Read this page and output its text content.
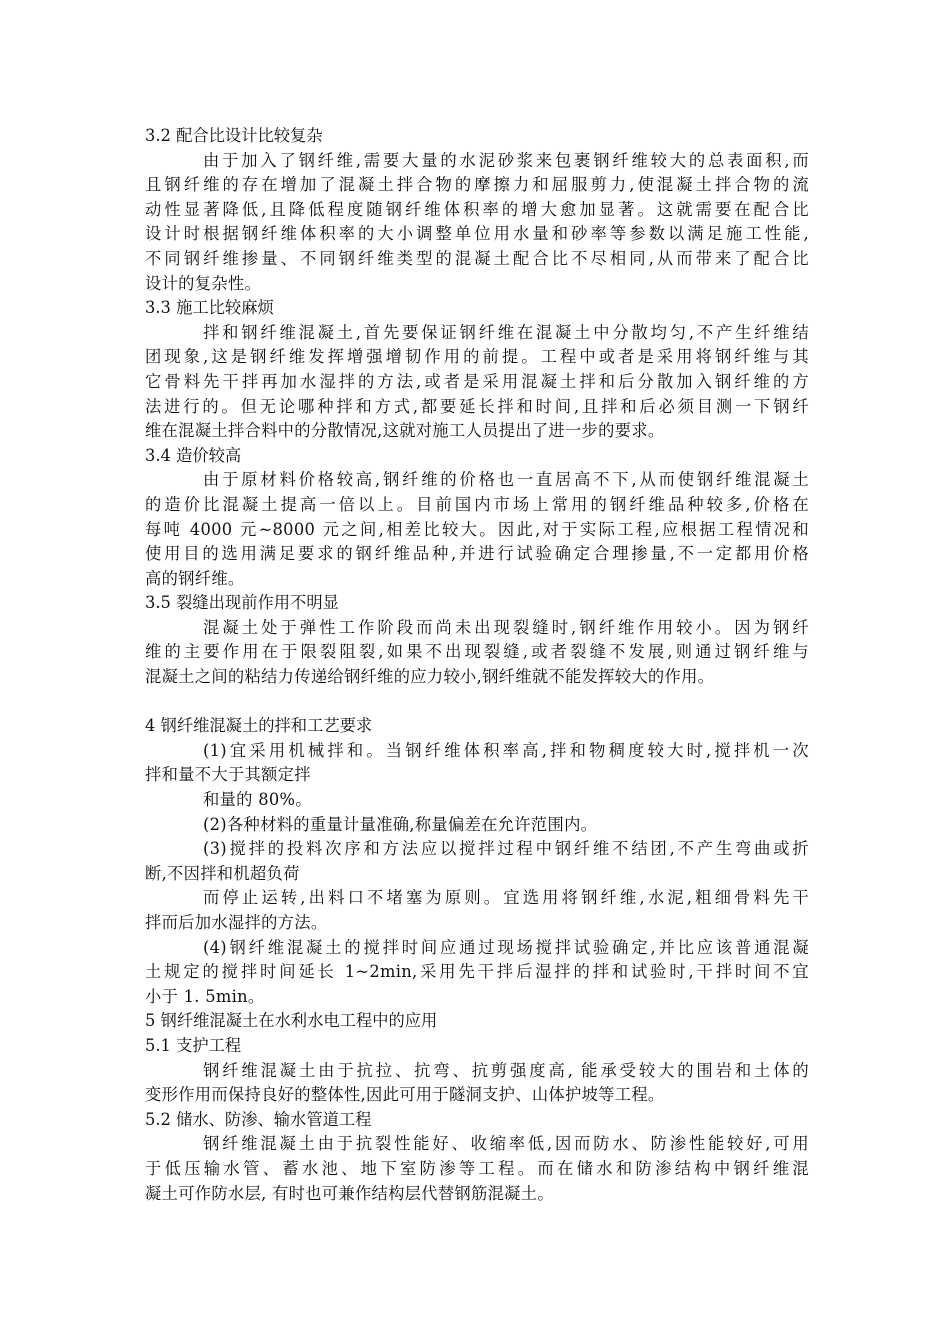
3.2 配合比设计比较复杂
由于加入了钢纤维,需要大量的水泥砂浆来包裹钢纤维较大的总表面积,而
且钢纤维的存在增加了混凝土拌合物的摩擦力和屈服剪力,使混凝土拌合物的流
动性显著降低,且降低程度随钢纤维体积率的增大愈加显著。这就需要在配合比
设计时根据钢纤维体积率的大小调整单位用水量和砂率等参数以满足施工性能,
不同钢纤维掺量、不同钢纤维类型的混凝土配合比不尽相同,从而带来了配合比
设计的复杂性。
3.3 施工比较麻烦
拌和钢纤维混凝土,首先要保证钢纤维在混凝土中分散均匀,不产生纤维结
团现象,这是钢纤维发挥增强增韧作用的前提。工程中或者是采用将钢纤维与其
它骨料先干拌再加水湿拌的方法,或者是采用混凝土拌和后分散加入钢纤维的方
法进行的。但无论哪种拌和方式,都要延长拌和时间,且拌和后必须目测一下钢纤
维在混凝土拌合料中的分散情况,这就对施工人员提出了进一步的要求。
3.4 造价较高
由于原材料价格较高,钢纤维的价格也一直居高不下,从而使钢纤维混凝土
的造价比混凝土提高一倍以上。目前国内市场上常用的钢纤维品种较多,价格在
每吨 4000 元~8000 元之间,相差比较大。因此,对于实际工程,应根据工程情况和
使用目的选用满足要求的钢纤维品种,并进行试验确定合理掺量,不一定都用价格
高的钢纤维。
3.5 裂缝出现前作用不明显
混凝土处于弹性工作阶段而尚未出现裂缝时,钢纤维作用较小。因为钢纤
维的主要作用在于限裂阻裂,如果不出现裂缝,或者裂缝不发展,则通过钢纤维与
混凝土之间的粘结力传递给钢纤维的应力较小,钢纤维就不能发挥较大的作用。
4 钢纤维混凝土的拌和工艺要求
(1)宜采用机械拌和。当钢纤维体积率高,拌和物稠度较大时,搅拌机一次
拌和量不大于其额定拌
和量的 80%。
(2)各种材料的重量计量准确,称量偏差在允许范围内。
(3)搅拌的投料次序和方法应以搅拌过程中钢纤维不结团,不产生弯曲或折
断,不因拌和机超负荷
而停止运转,出料口不堵塞为原则。宜选用将钢纤维,水泥,粗细骨料先干
拌而后加水湿拌的方法。
(4)钢纤维混凝土的搅拌时间应通过现场搅拌试验确定,并比应该普通混凝
土规定的搅拌时间延长 1~2min,采用先干拌后湿拌的拌和试验时,干拌时间不宜
小于 1. 5min。
5 钢纤维混凝土在水利水电工程中的应用
5.1 支护工程
钢纤维混凝土由于抗拉、抗弯、抗剪强度高, 能承受较大的围岩和土体的
变形作用而保持良好的整体性,因此可用于隧洞支护、山体护坡等工程。
5.2 储水、防渗、输水管道工程
钢纤维混凝土由于抗裂性能好、收缩率低,因而防水、防渗性能较好,可用
于低压输水管、蓄水池、地下室防渗等工程。而在储水和防渗结构中钢纤维混
凝土可作防水层, 有时也可兼作结构层代替钢筋混凝土。
